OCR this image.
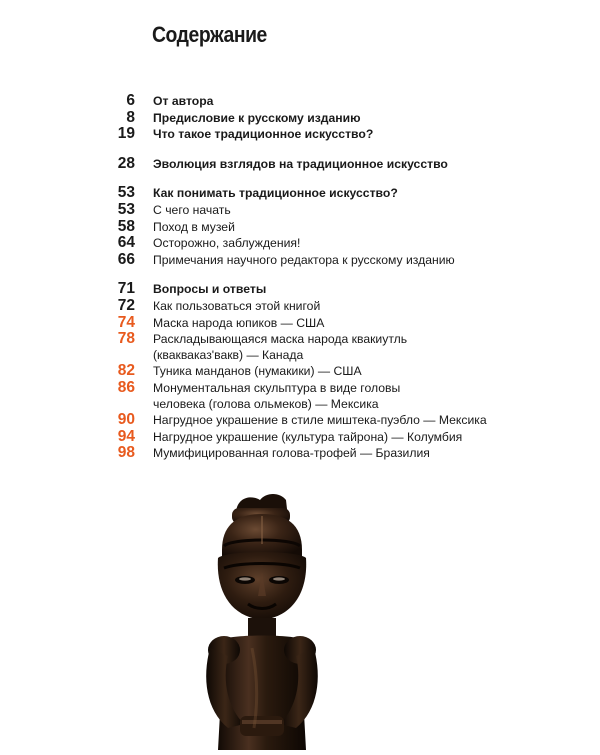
Содержание
6	От автора
8	Предисловие к русскому изданию
19	Что такое традиционное искусство?
28	Эволюция взглядов на традиционное искусство
53	Как понимать традиционное искусство?
53	С чего начать
58	Поход в музей
64	Осторожно, заблуждения!
66	Примечания научного редактора к русскому изданию
71	Вопросы и ответы
72	Как пользоваться этой книгой
74	Маска народа юпиков — США
78	Раскладывающаяся маска народа квакиутль (квакваказ'вакв) — Канада
82	Туника манданов (нумакики) — США
86	Монументальная скульптура в виде головы человека (голова ольмеков) — Мексика
90	Нагрудное украшение в стиле миштека-пуэбло — Мексика
94	Нагрудное украшение (культура тайрона) — Колумбия
98	Мумифицированная голова-трофей — Бразилия
